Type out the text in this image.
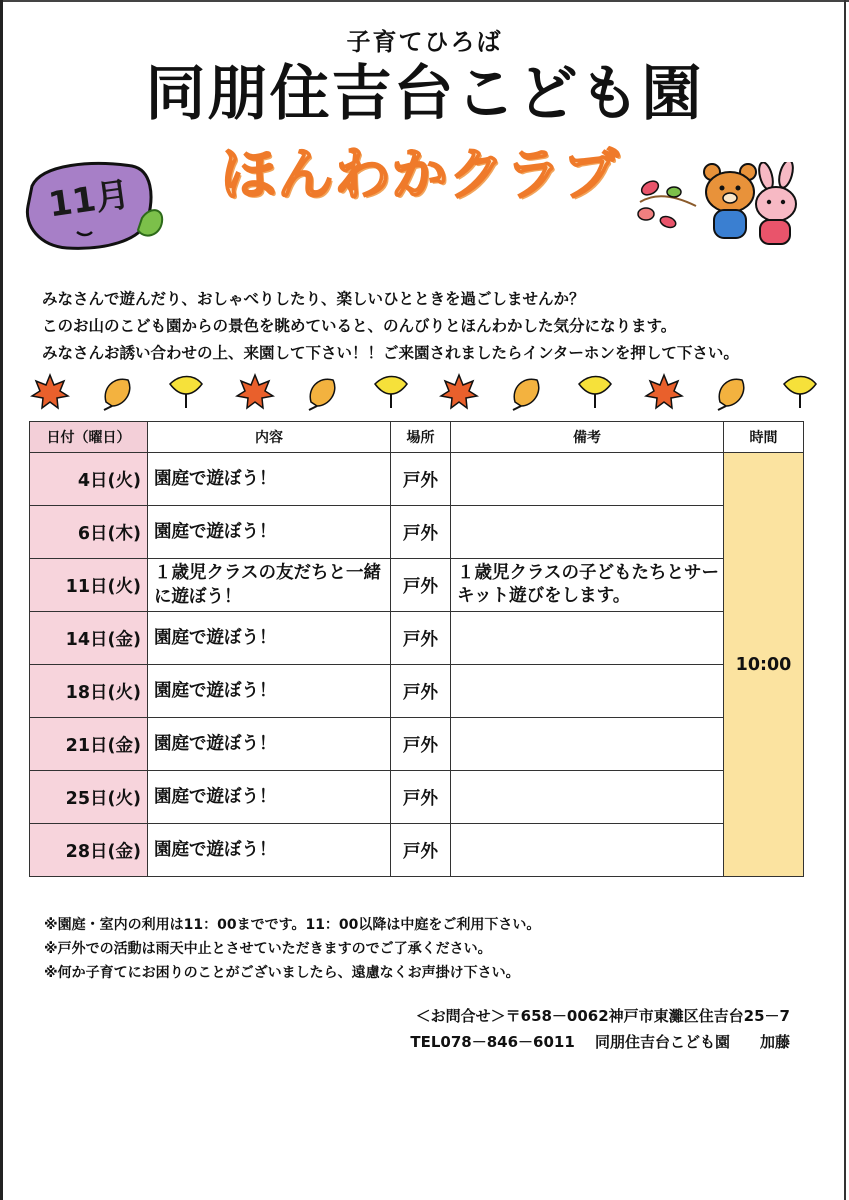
子育てひろば
同朋住吉台こども園
11月	ほんわかクラブ

みなさんで遊んだり、おしゃべりしたり、楽しいひとときを過ごしませんか？

このお山のこども園からの景色を眺めていると、のんびりとほんわかした気分になります。

みなさんお誘い合わせの上、来園して下さい！！ご来園されましたらインターホンを押して下さい。

日付（曜日）	内容	場所	備考	時間
4日(火)	園庭で遊ぼう！	戸外		10:00
6日(木)	園庭で遊ぼう！	戸外		
11日(火)	１歳児クラスの友だちと一緒に遊ぼう！	戸外	１歳児クラスの子どもたちとサーキット遊びをします。	
14日(金)	園庭で遊ぼう！	戸外		
18日(火)	園庭で遊ぼう！	戸外		
21日(金)	園庭で遊ぼう！	戸外		
25日(火)	園庭で遊ぼう！	戸外		
28日(金)	園庭で遊ぼう！	戸外		

※園庭・室内の利用は11：00までです。11：00以降は中庭をご利用下さい。

※戸外での活動は雨天中止とさせていただきますのでご了承ください。

※何か子育てにお困りのことがございましたら、遠慮なくお声掛け下さい。

＜お問合せ＞〒658－0062神戸市東灘区住吉台25－7

TEL078－846－6011　 同朋住吉台こども園　　加藤
